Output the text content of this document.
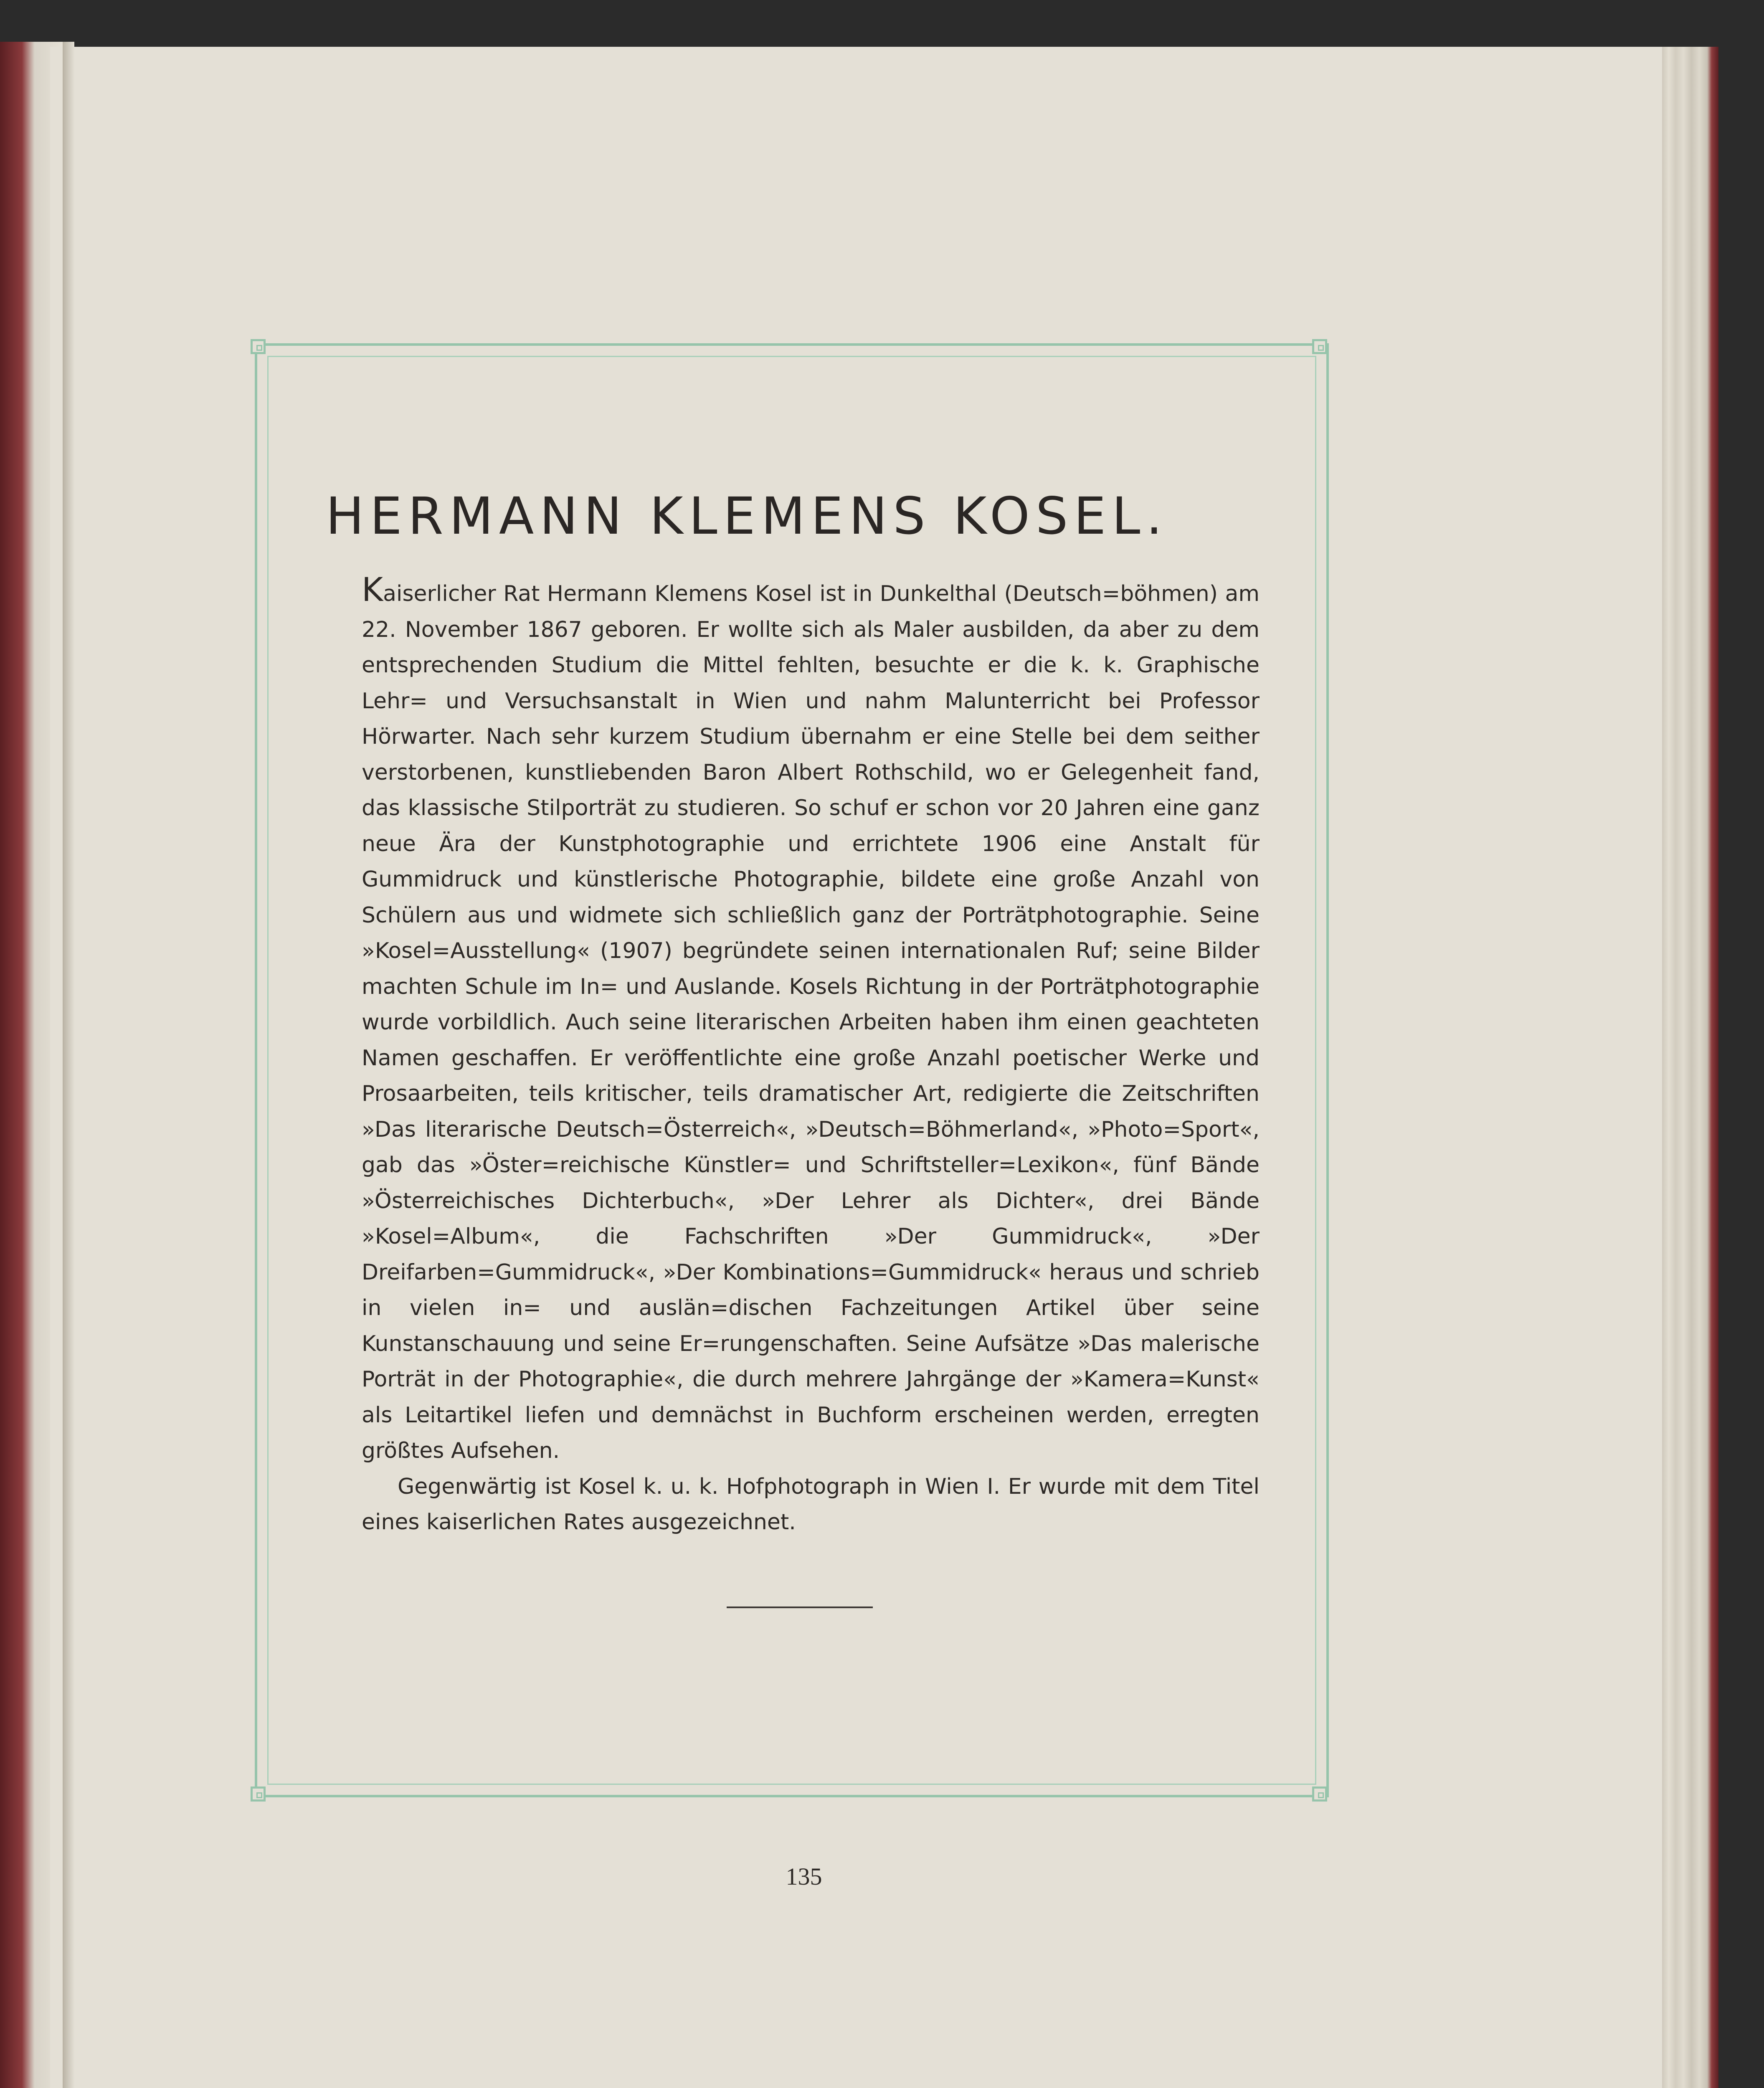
HERMANN KLEMENS KOSEL.

Kaiserlicher Rat Hermann Klemens Kosel ist in Dunkelthal (Deutsch=böhmen) am 22. November 1867 geboren. Er wollte sich als Maler ausbilden, da aber zu dem entsprechenden Studium die Mittel fehlten, besuchte er die k. k. Graphische Lehr= und Versuchsanstalt in Wien und nahm Malunterricht bei Professor Hörwarter. Nach sehr kurzem Studium übernahm er eine Stelle bei dem seither verstorbenen, kunstliebenden Baron Albert Rothschild, wo er Gelegenheit fand, das klassische Stilporträt zu studieren. So schuf er schon vor 20 Jahren eine ganz neue Ära der Kunstphotographie und errichtete 1906 eine Anstalt für Gummidruck und künstlerische Photographie, bildete eine große Anzahl von Schülern aus und widmete sich schließlich ganz der Porträtphotographie. Seine »Kosel=Ausstellung« (1907) begründete seinen internationalen Ruf; seine Bilder machten Schule im In= und Auslande. Kosels Richtung in der Porträtphotographie wurde vorbildlich. Auch seine literarischen Arbeiten haben ihm einen geachteten Namen geschaffen. Er veröffentlichte eine große Anzahl poetischer Werke und Prosaarbeiten, teils kritischer, teils dramatischer Art, redigierte die Zeitschriften »Das literarische Deutsch=Österreich«, »Deutsch=Böhmerland«, »Photo=Sport«, gab das »Öster=reichische Künstler= und Schriftsteller=Lexikon«, fünf Bände »Österreichisches Dichterbuch«, »Der Lehrer als Dichter«, drei Bände »Kosel=Album«, die Fachschriften »Der Gummidruck«, »Der Dreifarben=Gummidruck«, »Der Kombinations=Gummidruck« heraus und schrieb in vielen in= und auslän=dischen Fachzeitungen Artikel über seine Kunstanschauung und seine Er=rungenschaften. Seine Aufsätze »Das malerische Porträt in der Photographie«, die durch mehrere Jahrgänge der »Kamera=Kunst« als Leitartikel liefen und demnächst in Buchform erscheinen werden, erregten größtes Aufsehen.

Gegenwärtig ist Kosel k. u. k. Hofphotograph in Wien I. Er wurde mit dem Titel eines kaiserlichen Rates ausgezeichnet.

135
